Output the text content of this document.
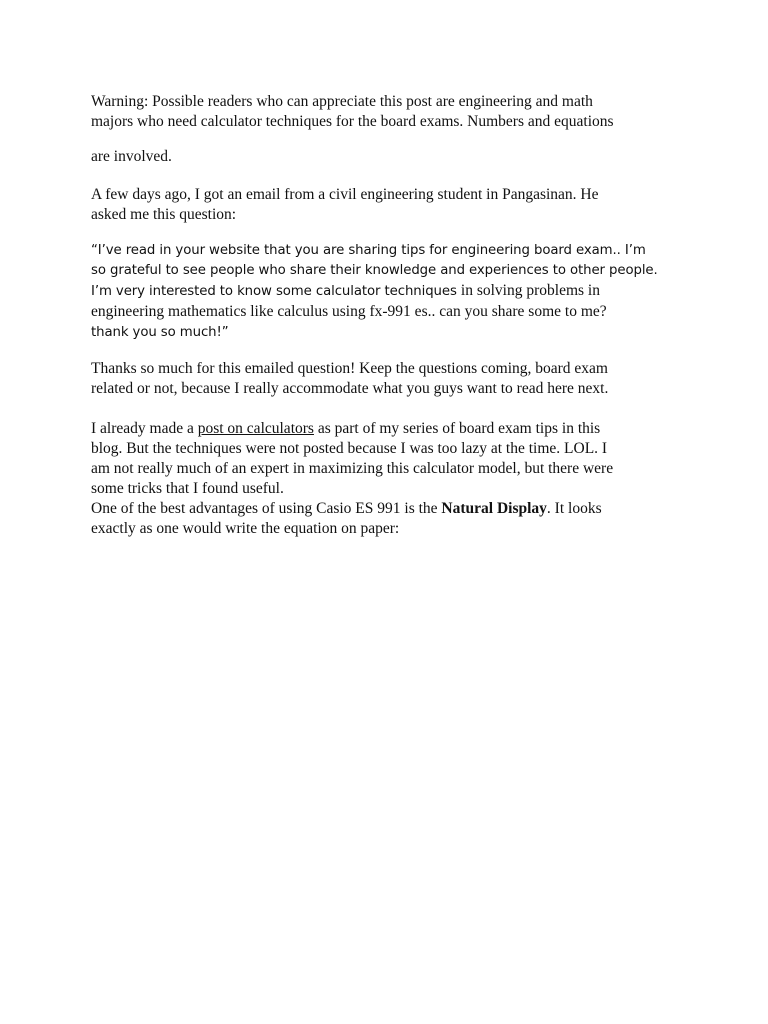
Warning: Possible readers who can appreciate this post are engineering and math
majors who need calculator techniques for the board exams. Numbers and equations

are involved.

A few days ago, I got an email from a civil engineering student in Pangasinan. He
asked me this question:

“I’ve read in your website that you are sharing tips for engineering board exam.. I’m
so grateful to see people who share their knowledge and experiences to other people.
I’m very interested to know some calculator techniques in solving problems in
engineering mathematics like calculus using fx-991 es.. can you share some to me?
thank you so much!”

Thanks so much for this emailed question! Keep the questions coming, board exam
related or not, because I really accommodate what you guys want to read here next.

I already made a post on calculators as part of my series of board exam tips in this
blog. But the techniques were not posted because I was too lazy at the time. LOL. I
am not really much of an expert in maximizing this calculator model, but there were
some tricks that I found useful.

One of the best advantages of using Casio ES 991 is the Natural Display. It looks
exactly as one would write the equation on paper:
